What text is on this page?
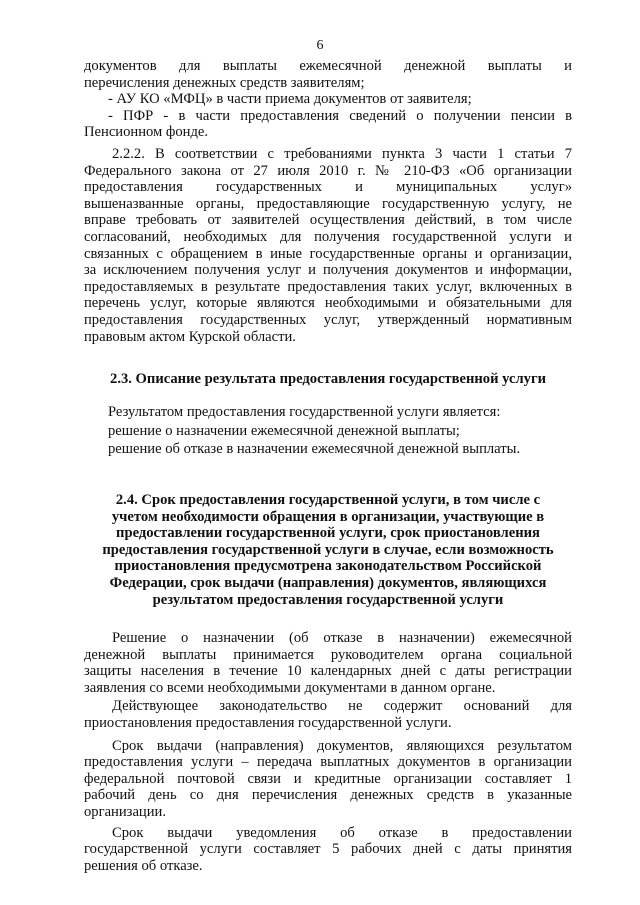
6

документов для выплаты ежемесячной денежной выплаты и

перечисления денежных средств заявителям;

- АУ КО «МФЦ» в части приема документов от заявителя;

- ПФР - в части предоставления сведений о получении пенсии в

Пенсионном фонде.

2.2.2. В соответствии с требованиями пункта 3 части 1 статьи 7

Федерального закона от 27 июля 2010 г. № 210-ФЗ «Об организации

предоставления государственных и муниципальных услуг»

вышеназванные органы, предоставляющие государственную услугу, не

вправе требовать от заявителей осуществления действий, в том числе

согласований, необходимых для получения государственной услуги и

связанных с обращением в иные государственные органы и организации,

за исключением получения услуг и получения документов и информации,

предоставляемых в результате предоставления таких услуг, включенных в

перечень услуг, которые являются необходимыми и обязательными для

предоставления государственных услуг, утвержденный нормативным

правовым актом Курской области.

2.3. Описание результата предоставления государственной услуги

Результатом предоставления государственной услуги является:

решение о назначении ежемесячной денежной выплаты;

решение об отказе в назначении ежемесячной денежной выплаты.

2.4. Срок предоставления государственной услуги, в том числе с

учетом необходимости обращения в организации, участвующие в

предоставлении государственной услуги, срок приостановления

предоставления государственной услуги в случае, если возможность

приостановления предусмотрена законодательством Российской

Федерации, срок выдачи (направления) документов, являющихся

результатом предоставления государственной услуги

Решение о назначении (об отказе в назначении) ежемесячной

денежной выплаты принимается руководителем органа социальной

защиты населения в течение 10 календарных дней с даты регистрации

заявления со всеми необходимыми документами в данном органе.

Действующее законодательство не содержит оснований для

приостановления предоставления государственной услуги.

Срок выдачи (направления) документов, являющихся результатом

предоставления услуги – передача выплатных документов в организации

федеральной почтовой связи и кредитные организации составляет 1

рабочий день со дня перечисления денежных средств в указанные

организации.

Срок выдачи уведомления об отказе в предоставлении

государственной услуги составляет 5 рабочих дней с даты принятия

решения об отказе.
